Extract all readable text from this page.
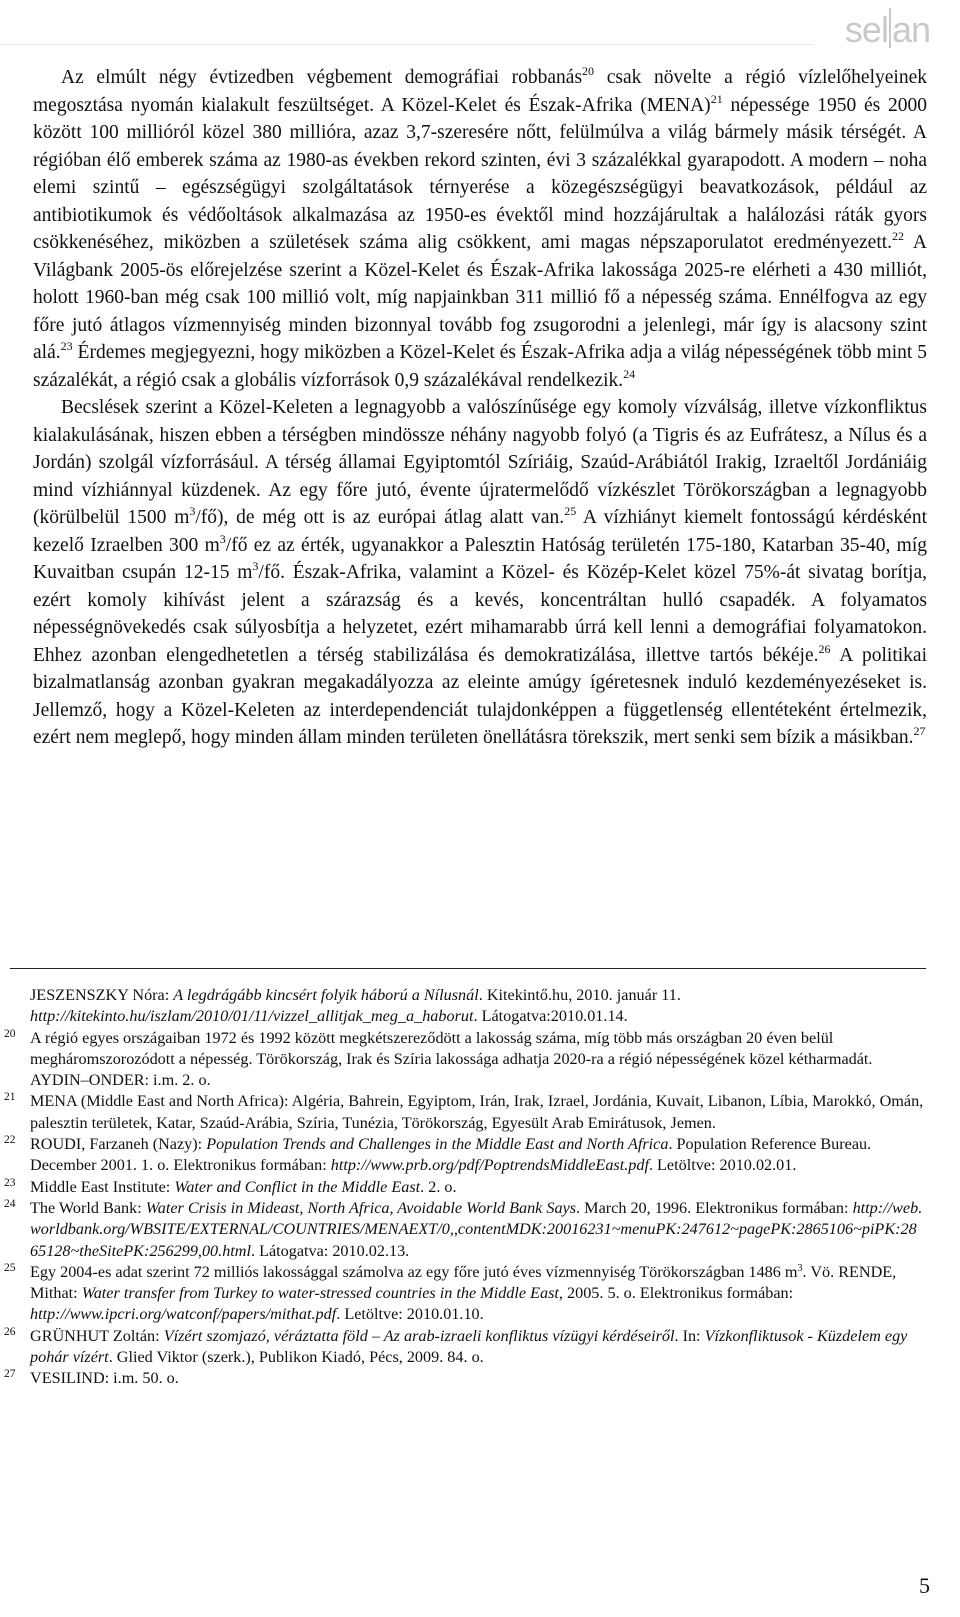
sel an

Az elmúlt négy évtizedben végbement demográfiai robbanás$^{20}$ csak növelte a régió vízlelőhelyeinek megosztása nyomán kialakult feszültséget. A Közel-Kelet és Észak-Afrika (MENA)$^{21}$ népessége 1950 és 2000 között 100 millióról közel 380 millióra, azaz 3,7-szeresére nőtt, felülmúlva a világ bármely másik térségét. A régióban élő emberek száma az 1980-as években rekord szinten, évi 3 százalékkal gyarapodott. A modern – noha elemi szintű – egészségügyi szolgáltatások térnyerése a közegészségügyi beavatkozások, például az antibiotikumok és védőoltások alkalmazása az 1950-es évektől mind hozzájárultak a halálozási ráták gyors csökkenéséhez, miközben a születések száma alig csökkent, ami magas népszaporulatot eredményezett.$^{22}$ A Világbank 2005-ös előrejelzése szerint a Közel-Kelet és Észak-Afrika lakossága 2025-re elérheti a 430 milliót, holott 1960-ban még csak 100 millió volt, míg napjainkban 311 millió fő a népesség száma. Ennélfogva az egy főre jutó átlagos vízmennyiség minden bizonnyal tovább fog zsugorodni a jelenlegi, már így is alacsony szint alá.$^{23}$ Érdemes megjegyezni, hogy miközben a Közel-Kelet és Észak-Afrika adja a világ népességének több mint 5 százalékát, a régió csak a globális vízforrások 0,9 százalékával rendelkezik.$^{24}$

Becslések szerint a Közel-Keleten a legnagyobb a valószínűsége egy komoly vízválság, illetve vízkonfliktus kialakulásának, hiszen ebben a térségben mindössze néhány nagyobb folyó (a Tigris és az Eufrátesz, a Nílus és a Jordán) szolgál vízforrásául. A térség államai Egyiptomtól Szíriáig, Szaúd-Arábiától Irakig, Izraeltől Jordániáig mind vízhiánnyal küzdenek. Az egy főre jutó, évente újratermelődő vízkészlet Törökországban a legnagyobb (körülbelül 1500 $m^3/fő$), de még ott is az európai átlag alatt van.$^{25}$ A vízhiányt kiemelt fontosságú kérdésként kezelő Izraelben 300 $m^3/fő$ ez az érték, ugyanakkor a Palesztin Hatóság területén 175-180, Katarban 35-40, míg Kuvaitban csupán 12-15 $m^3/fő$. Észak-Afrika, valamint a Közel- és Közép-Kelet közel 75%-át sivatag borítja, ezért komoly kihívást jelent a szárazság és a kevés, koncentráltan hulló csapadék. A folyamatos népességnövekedés csak súlyosbítja a helyzetet, ezért mihamarabb úrrá kell lenni a demográfiai folyamatokon. Ehhez azonban elengedhetetlen a térség stabilizálása és demokratizálása, illettve tartós békéje.$^{26}$ A politikai bizalmatlanság azonban gyakran megakadályozza az eleinte amúgy ígéretesnek induló kezdeményezéseket is. Jellemző, hogy a Közel-Keleten az interdependenciát tulajdonképpen a függetlenség ellentéteként értelmezik, ezért nem meglepő, hogy minden állam minden területen önellátásra törekszik, mert senki sem bízik a másikban.$^{27}$

JESZENSZKY Nóra: A legdrágább kincsért folyik háború a Nílusnál. Kitekintő.hu, 2010. január 11. http://kitekinto.hu/iszlam/2010/01/11/vizzel_allitjak_meg_a_haborut. Látogatva:2010.01.14.

20 A régió egyes országaiban 1972 és 1992 között megkétszereződött a lakosság száma, míg több más országban 20 éven belül megháromszorozódott a népesség. Törökország, Irak és Szíria lakossága adhatja 2020-ra a régió népességének közel kétharmadát. AYDIN–ONDER: i.m. 2. o.

21 MENA (Middle East and North Africa): Algéria, Bahrein, Egyiptom, Irán, Irak, Izrael, Jordánia, Kuvait, Libanon, Líbia, Marokkó, Omán, palesztin területek, Katar, Szaúd-Arábia, Szíria, Tunézia, Törökország, Egyesült Arab Emirátusok, Jemen.

22 ROUDI, Farzaneh (Nazy): Population Trends and Challenges in the Middle East and North Africa. Population Reference Bureau. December 2001. 1. o. Elektronikus formában: http://www.prb.org/pdf/PoptrendsMiddleEast.pdf. Letöltve: 2010.02.01.

23 Middle East Institute: Water and Conflict in the Middle East. 2. o.

24 The World Bank: Water Crisis in Mideast, North Africa, Avoidable World Bank Says. March 20, 1996. Elektronikus formában: http://web.worldbank.org/WBSITE/EXTERNAL/COUNTRIES/MENAEXT/0,,contentMDK:20016231~menuPK:247612~pagePK:2865106~piPK:2865128~theSitePK:256299,00.html. Látogatva: 2010.02.13.

25 Egy 2004-es adat szerint 72 milliós lakossággal számolva az egy főre jutó éves vízmennyiség Törökországban 1486 $m^3$. Vö. RENDE, Mithat: Water transfer from Turkey to water-stressed countries in the Middle East, 2005. 5. o. Elektronikus formában: http://www.ipcri.org/watconf/papers/mithat.pdf. Letöltve: 2010.01.10.

26 GRÜNHUT Zoltán: Vízért szomjazó, véráztatta föld – Az arab-izraeli konfliktus vízügyi kérdéseiről. In: Vízkonfliktusok - Küzdelem egy pohár vízért. Glied Viktor (szerk.), Publikon Kiadó, Pécs, 2009. 84. o.

27 VESILIND: i.m. 50. o.

5
